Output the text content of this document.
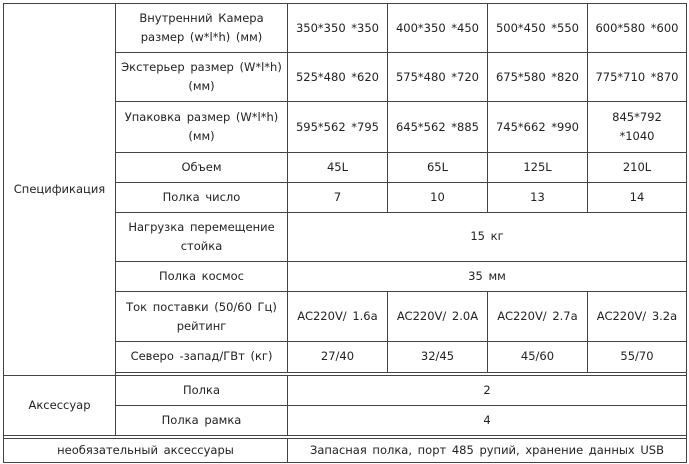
Спецификация	Внутренний Камера размер (w*l*h) (мм)	350*350 *350	400*350 *450	500*450 *550	600*580 *600
	Экстерьер размер (W*l*h) (мм)	525*480 *620	575*480 *720	675*580 *820	775*710 *870
	Упаковка размер (W*l*h) (мм)	595*562 *795	645*562 *885	745*662 *990	845*792 *1040
	Объем	45L	65L	125L	210L
	Полка число	7	10	13	14
	Нагрузка перемещение стойка	15 кг			
	Полка космос	35 мм			
	Ток поставки (50/60 Гц) рейтинг	AC220V/ 1.6a	AC220V/ 2.0A	AC220V/ 2.7a	AC220V/ 3.2a
	Северо -запад/ГВт (кг)	27/40	32/45	45/60	55/70

Аксессуар	Полка	2			
	Полка рамка	4			

необязательный аксессуары		Запасная полка, порт 485 рупий, хранение данных USB			
